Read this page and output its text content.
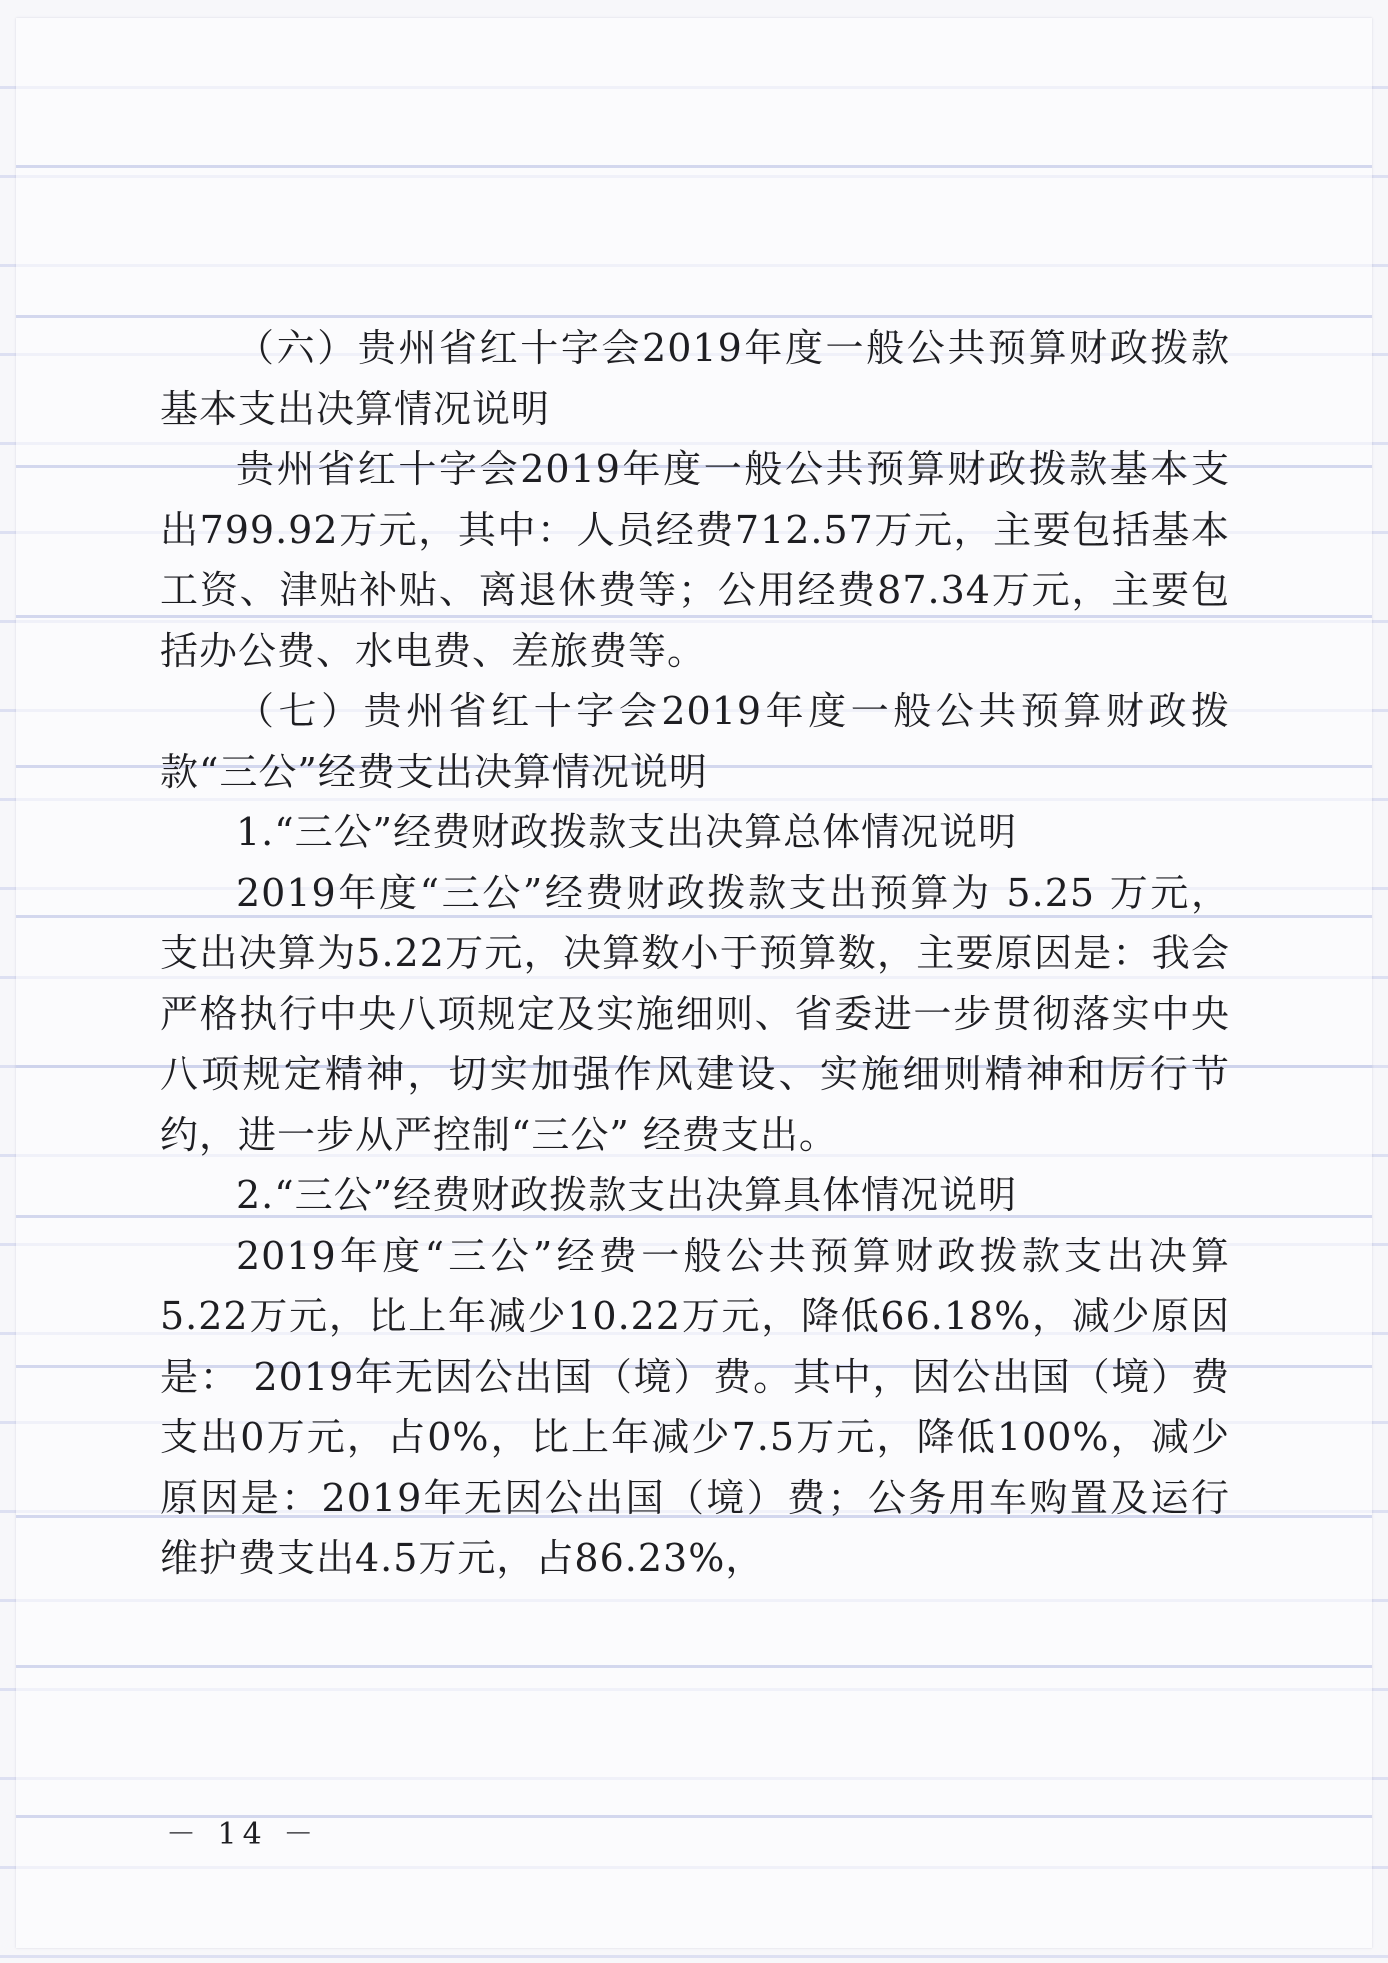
（六）贵州省红十字会2019年度一般公共预算财政拨款基本支出决算情况说明

贵州省红十字会2019年度一般公共预算财政拨款基本支出799.92万元，其中：人员经费712.57万元，主要包括基本工资、津贴补贴、离退休费等；公用经费87.34万元，主要包括办公费、水电费、差旅费等。

（七）贵州省红十字会2019年度一般公共预算财政拨款“三公”经费支出决算情况说明

1.“三公”经费财政拨款支出决算总体情况说明

2019年度“三公”经费财政拨款支出预算为 5.25 万元，支出决算为5.22万元，决算数小于预算数，主要原因是：我会严格执行中央八项规定及实施细则、省委进一步贯彻落实中央八项规定精神，切实加强作风建设、实施细则精神和厉行节约，进一步从严控制“三公” 经费支出。

2.“三公”经费财政拨款支出决算具体情况说明

2019年度“三公”经费一般公共预算财政拨款支出决算5.22万元，比上年减少10.22万元，降低66.18%，减少原因是： 2019年无因公出国（境）费。其中，因公出国（境）费支出0万元，占0%，比上年减少7.5万元，降低100%，减少原因是：2019年无因公出国（境）费；公务用车购置及运行维护费支出4.5万元，占86.23%，

－ 14 －
